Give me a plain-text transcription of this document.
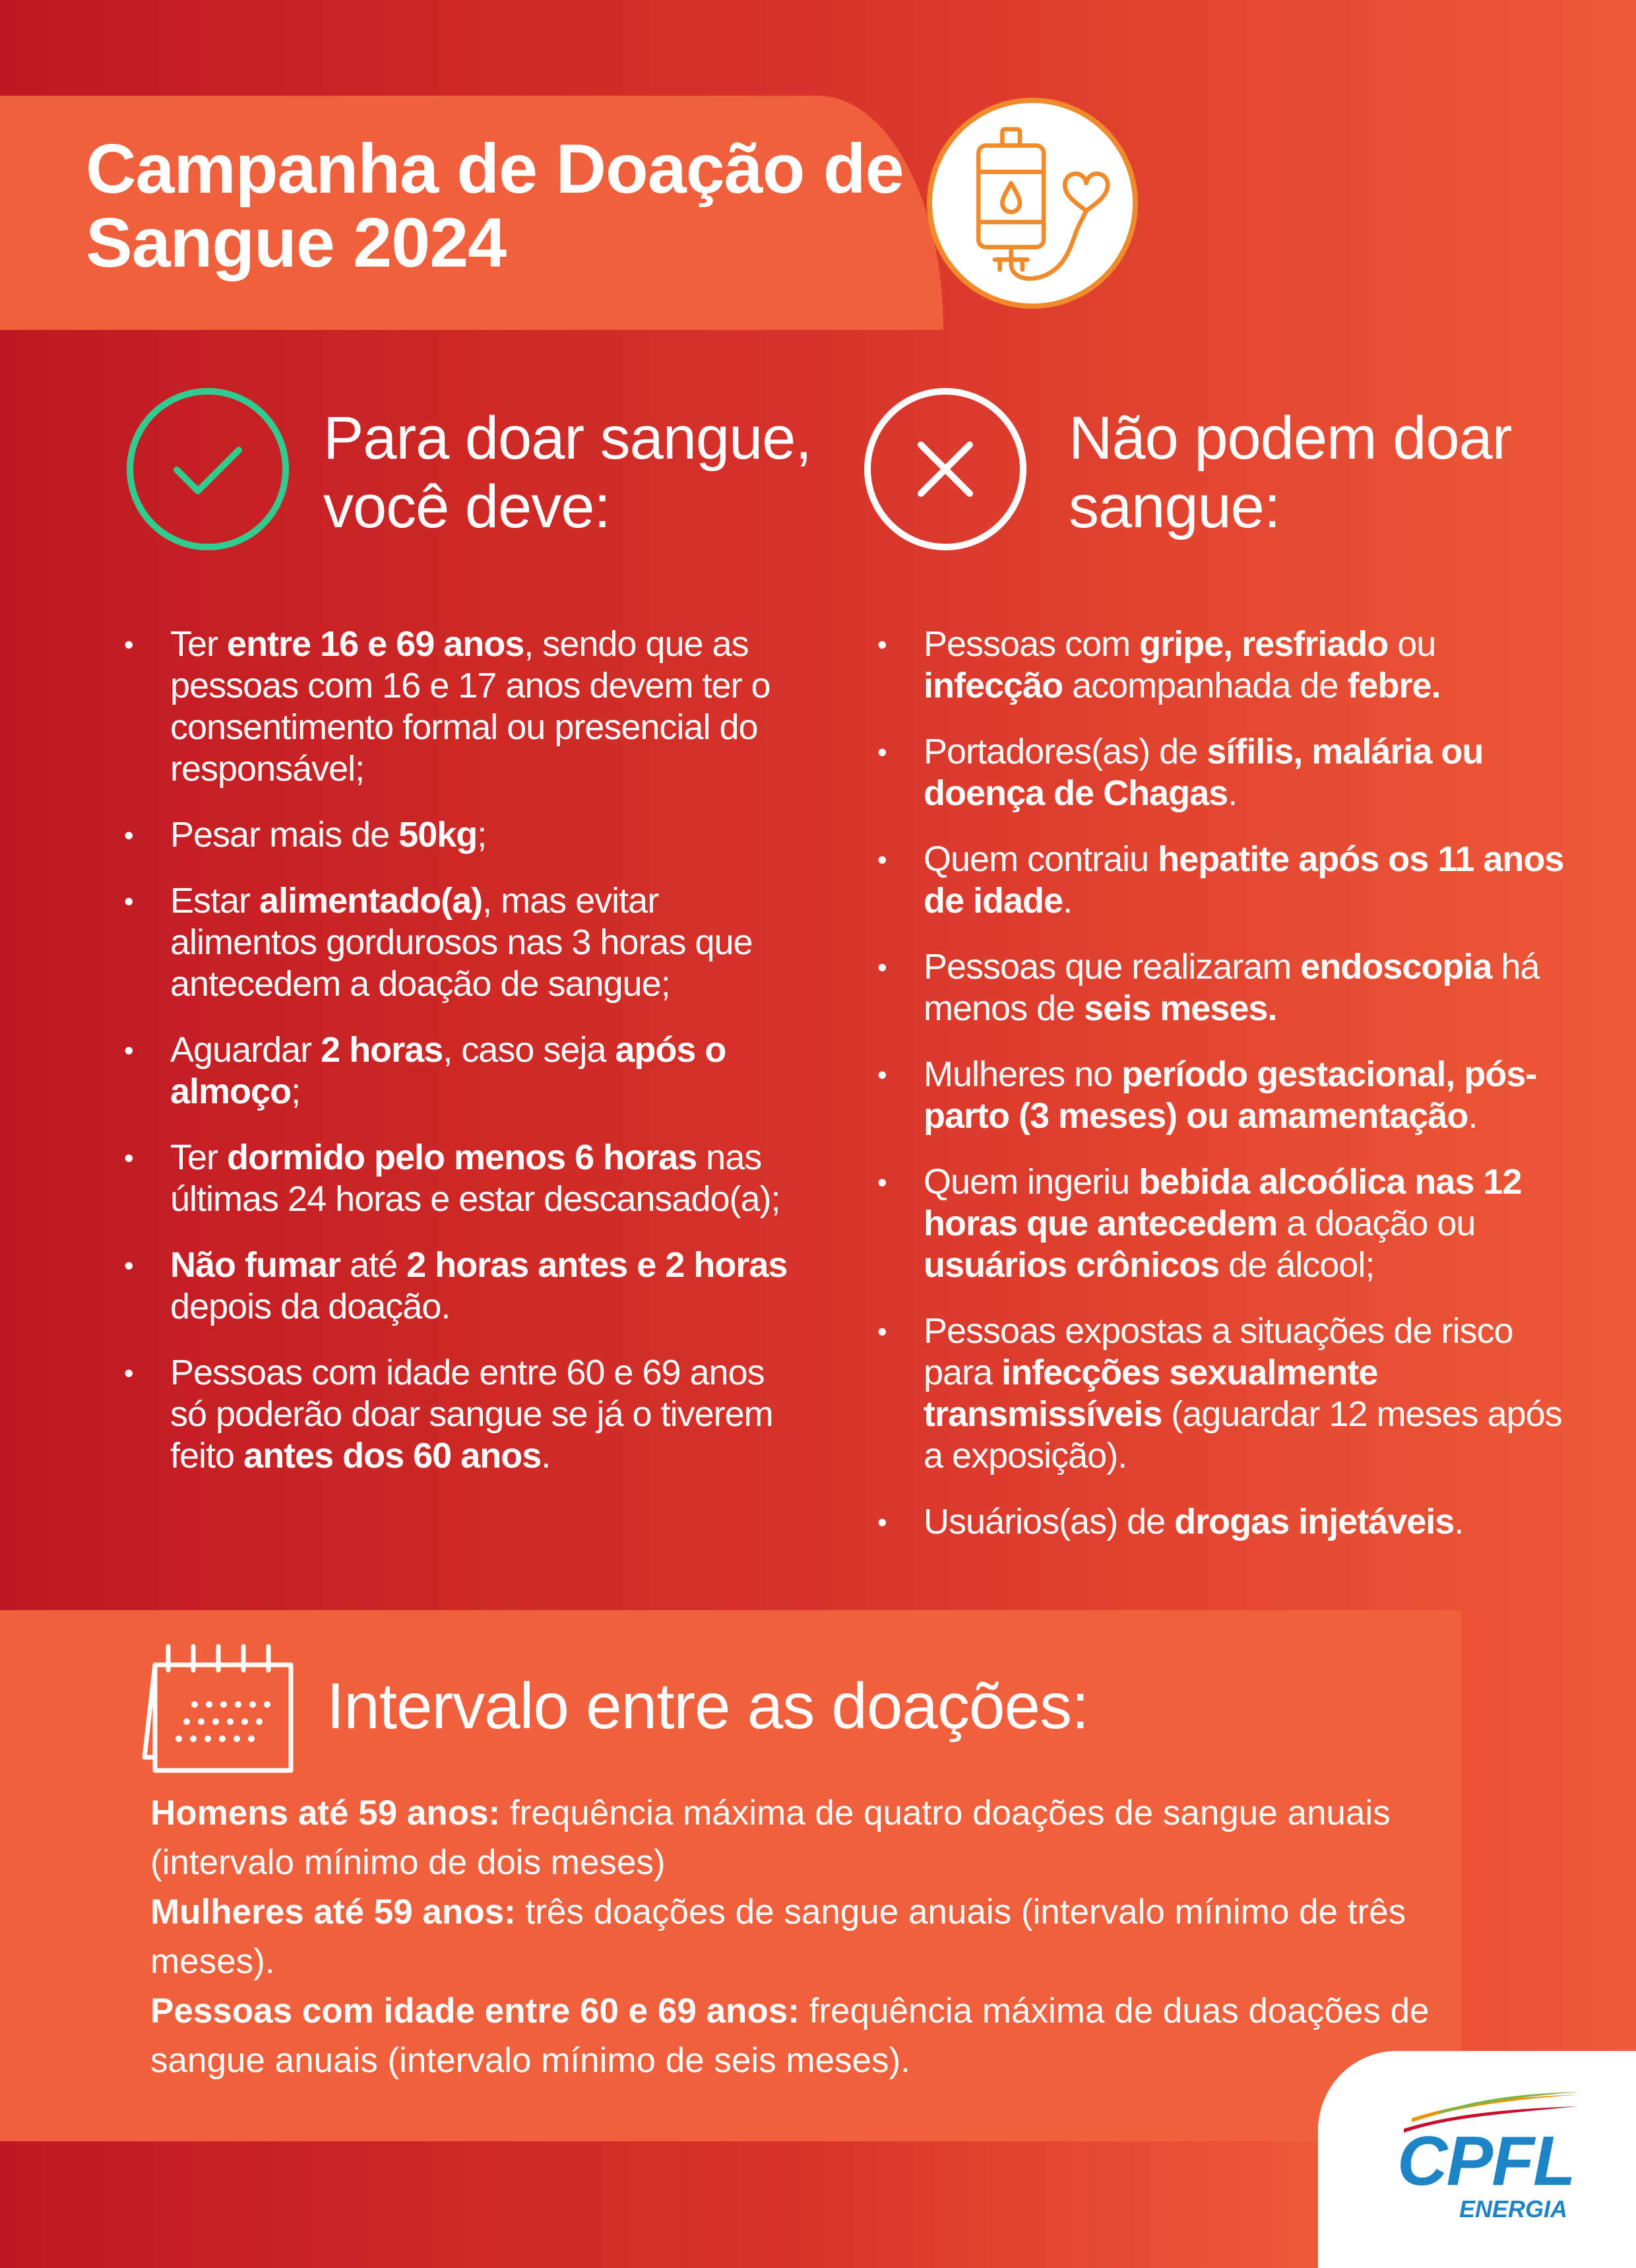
Campanha de Doação de
Sangue 2024
Para doar sangue,
você deve:
Não podem doar
sangue:
• Ter entre 16 e 69 anos, sendo que as pessoas com 16 e 17 anos devem ter o consentimento formal ou presencial do responsável;
• Pesar mais de 50kg;
• Estar alimentado(a), mas evitar alimentos gordurosos nas 3 horas que antecedem a doação de sangue;
• Aguardar 2 horas, caso seja após o almoço;
• Ter dormido pelo menos 6 horas nas últimas 24 horas e estar descansado(a);
• Não fumar até 2 horas antes e 2 horas depois da doação.
• Pessoas com idade entre 60 e 69 anos só poderão doar sangue se já o tiverem feito antes dos 60 anos.
• Pessoas com gripe, resfriado ou infecção acompanhada de febre.
• Portadores(as) de sífilis, malária ou doença de Chagas.
• Quem contraiu hepatite após os 11 anos de idade.
• Pessoas que realizaram endoscopia há menos de seis meses.
• Mulheres no período gestacional, pós-parto (3 meses) ou amamentação.
• Quem ingeriu bebida alcoólica nas 12 horas que antecedem a doação ou usuários crônicos de álcool;
• Pessoas expostas a situações de risco para infecções sexualmente transmissíveis (aguardar 12 meses após a exposição).
• Usuários(as) de drogas injetáveis.
Intervalo entre as doações:

Homens até 59 anos: frequência máxima de quatro doações de sangue anuais (intervalo mínimo de dois meses)

Mulheres até 59 anos: três doações de sangue anuais (intervalo mínimo de três meses).

Pessoas com idade entre 60 e 69 anos: frequência máxima de duas doações de sangue anuais (intervalo mínimo de seis meses).

CPFL
ENERGIA
